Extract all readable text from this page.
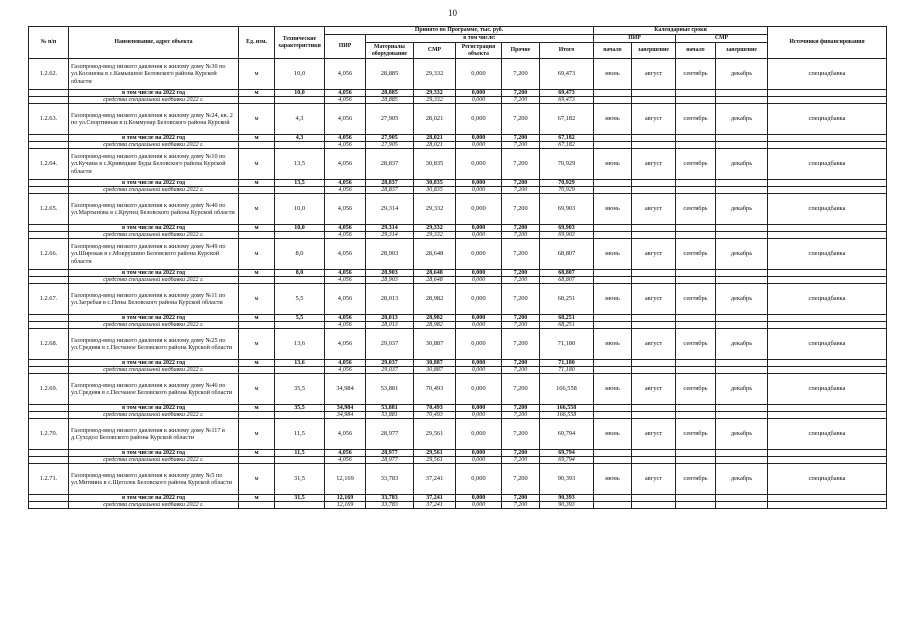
10
№ п/п	Наименование, адрес объекта	Ед. изм.	Технические характеристики	Принято по Программе, тыс. руб.						Календарные сроки				Источники финансирования
				ПИР	в том числе:					ПИР		СМР		
					Материалы оборудование	СМР	Регистрация объекта	Прочие	Итого	начало	завершение	начало	завершение	
1.2.62.	Газопровод-ввод низкого давления к жилому дому №30 по ул.Косинова в с.Камышное Беловского района Курской области	м	10,0	4,056	28,885	29,332	0,000	7,200	69,473	июнь	август	сентябрь	декабрь	спецнадбавка
	в том числе на 2022 год	м	10,0	4,056	28,885	29,332	0,000	7,200	69,473					
	средства специальной надбавки 2022 г.			4,056	28,885	29,332	0,000	7,200	69,473					
1.2.63.	Газопровод-ввод низкого давления к жилому дому №24, кв. 2 по ул.Спортивная в п.Коммунар Беловского района Курской	м	4,3	4,056	27,905	28,021	0,000	7,200	67,182	июнь	август	сентябрь	декабрь	спецнадбавка
	в том числе на 2022 год	м	4,3	4,056	27,905	28,021	0,000	7,200	67,182					
	средства специальной надбавки 2022 г.			4,056	27,905	28,021	0,000	7,200	67,182					
1.2.64.	Газопровод-ввод низкого давления к жилому дому №10 по ул.Кучина в с.Кривецкие Буды Беловского района Курской области	м	13,5	4,056	28,837	30,835	0,000	7,200	70,929	июнь	август	сентябрь	декабрь	спецнадбавка
	в том числе на 2022 год	м	13,5	4,056	28,837	30,835	0,000	7,200	70,929					
	средства специальной надбавки 2022 г.			4,056	28,837	30,835	0,000	7,200	70,929					
1.2.65.	Газопровод-ввод низкого давления к жилому дому №40 по ул.Мартынова в с.Крупец Беловского района Курской области	м	10,0	4,056	29,314	29,332	0,000	7,200	69,903	июнь	август	сентябрь	декабрь	спецнадбавка
	в том числе на 2022 год	м	10,0	4,056	29,314	29,332	0,000	7,200	69,903					
	средства специальной надбавки 2022 г.			4,056	29,314	29,332	0,000	7,200	69,903					
1.2.66.	Газопровод-ввод низкого давления к жилому дому №49 по ул.Широкая в с.Мокрушино Беловского района Курской области	м	8,0	4,056	28,903	28,648	0,000	7,200	68,807	июнь	август	сентябрь	декабрь	спецнадбавка
	в том числе на 2022 год	м	8,0	4,056	28,903	28,648	0,000	7,200	68,807					
	средства специальной надбавки 2022 г.			4,056	28,903	28,648	0,000	7,200	68,807					
1.2.67.	Газопровод-ввод низкого давления к жилому дому №11 по ул.Загребая в с.Пены Беловского района Курской области	м	5,5	4,056	28,013	28,982	0,000	7,200	68,251	июнь	август	сентябрь	декабрь	спецнадбавка
	в том числе на 2022 год	м	5,5	4,056	28,013	28,982	0,000	7,200	68,251					
	средства специальной надбавки 2022 г.			4,056	28,013	28,982	0,000	7,200	68,251					
1.2.68.	Газопровод-ввод низкого давления к жилому дому №25 по ул.Средняя в с.Песчаное Беловского района Курской области	м	13,6	4,056	29,037	30,887	0,000	7,200	71,180	июнь	август	сентябрь	декабрь	спецнадбавка
	в том числе на 2022 год	м	13,6	4,056	29,037	30,887	0,000	7,200	71,180					
	средства специальной надбавки 2022 г.			4,056	29,037	30,887	0,000	7,200	71,180					
1.2.69.	Газопровод-ввод низкого давления к жилому дому №46 по ул.Средняя в с.Песчаное Беловского района Курской области	м	35,5	34,984	53,881	70,493	0,000	7,200	166,558	июнь	август	сентябрь	декабрь	спецнадбавка
	в том числе на 2022 год	м	35,5	34,984	53,881	70,493	0,000	7,200	166,558					
	средства специальной надбавки 2022 г.			34,984	53,881	70,493	0,000	7,200	166,558					
1.2.70.	Газопровод-ввод низкого давления к жилому дому №117 в д.Суходол Беловского района Курской области	м	11,5	4,056	28,977	29,561	0,000	7,200	69,794	июнь	август	сентябрь	декабрь	спецнадбавка
	в том числе на 2022 год	м	11,5	4,056	28,977	29,561	0,000	7,200	69,794					
	средства специальной надбавки 2022 г.			4,056	28,977	29,561	0,000	7,200	69,794					
1.2.71.	Газопровод-ввод низкого давления к жилому дому №5 по ул.Митяина в с.Щеголек Беловского района Курской области	м	31,5	12,169	33,783	37,241	0,000	7,200	90,393	июнь	август	сентябрь	декабрь	спецнадбавка
	в том числе на 2022 год	м	31,5	12,169	33,783	37,241	0,000	7,200	90,393					
	средства специальной надбавки 2022 г.			12,169	33,783	37,241	0,000	7,200	90,393					
